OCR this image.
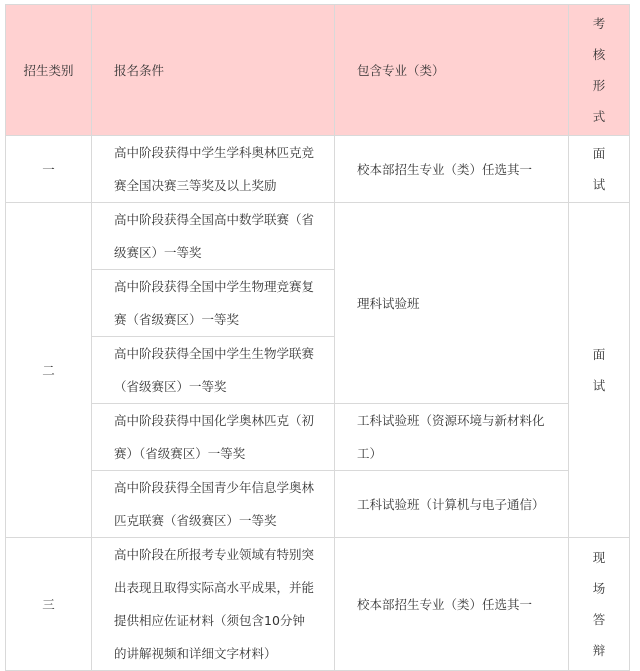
招生类别	报名条件	包含专业（类）	考核形式

一	高中阶段获得中学生学科奥林匹克竞赛全国决赛三等奖及以上奖励	校本部招生专业（类）任选其一	面试

二	高中阶段获得全国高中数学联赛（省级赛区）一等奖	理科试验班	面试

	高中阶段获得全国中学生物理竞赛复赛（省级赛区）一等奖		
	高中阶段获得全国中学生生物学联赛（省级赛区）一等奖		
	高中阶段获得中国化学奥林匹克（初赛）（省级赛区）一等奖	工科试验班（资源环境与新材料化工）	
	高中阶段获得全国青少年信息学奥林匹克联赛（省级赛区）一等奖	工科试验班（计算机与电子通信）	
三	高中阶段在所报考专业领域有特别突出表现且取得实际高水平成果，并能提供相应佐证材料（须包含10分钟的讲解视频和详细文字材料）	校本部招生专业（类）任选其一	现场答辩
